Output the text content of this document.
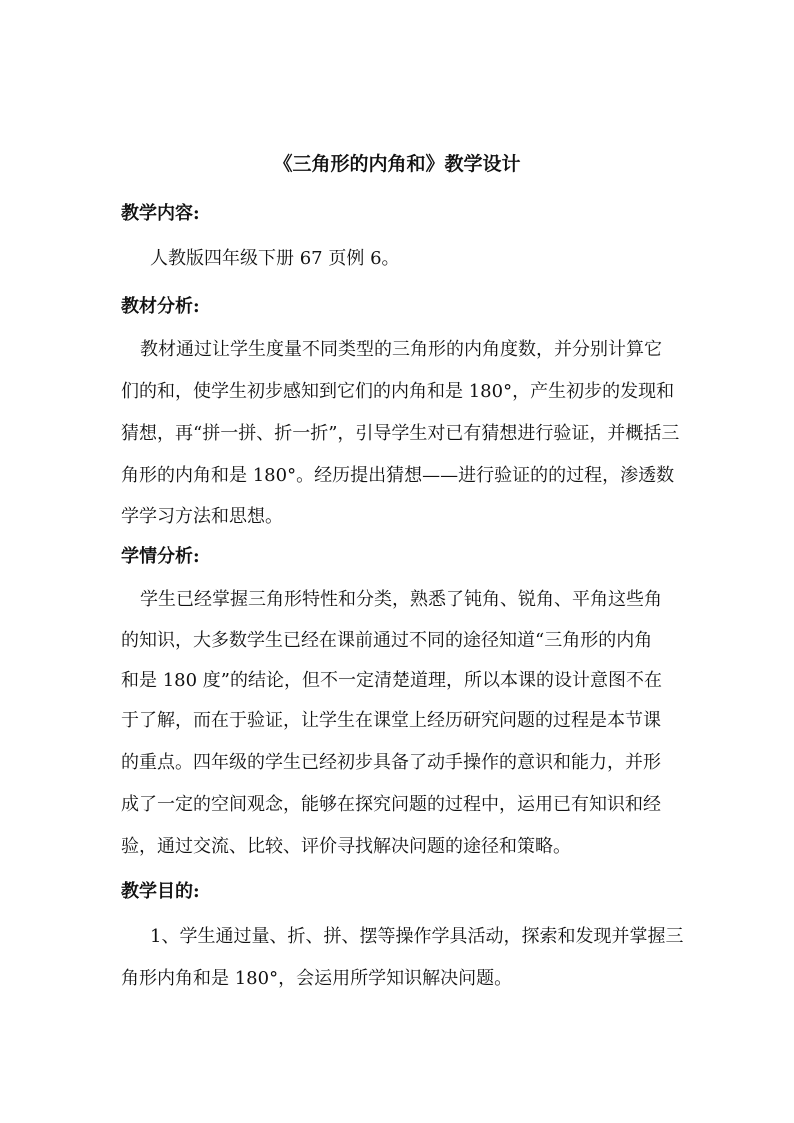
《三角形的内角和》教学设计
教学内容:
人教版四年级下册 67 页例 6。
教材分析:
教材通过让学生度量不同类型的三角形的内角度数，并分别计算它
们的和，使学生初步感知到它们的内角和是 180°，产生初步的发现和
猜想，再“拼一拼、折一折”，引导学生对已有猜想进行验证，并概括三
角形的内角和是 180°。经历提出猜想——进行验证的的过程，渗透数
学学习方法和思想。
学情分析:
学生已经掌握三角形特性和分类，熟悉了钝角、锐角、平角这些角
的知识，大多数学生已经在课前通过不同的途径知道“三角形的内角
和是 180 度”的结论，但不一定清楚道理，所以本课的设计意图不在
于了解，而在于验证，让学生在课堂上经历研究问题的过程是本节课
的重点。四年级的学生已经初步具备了动手操作的意识和能力，并形
成了一定的空间观念，能够在探究问题的过程中，运用已有知识和经
验，通过交流、比较、评价寻找解决问题的途径和策略。
教学目的:
1、学生通过量、折、拼、摆等操作学具活动，探索和发现并掌握三
角形内角和是 180°，会运用所学知识解决问题。
